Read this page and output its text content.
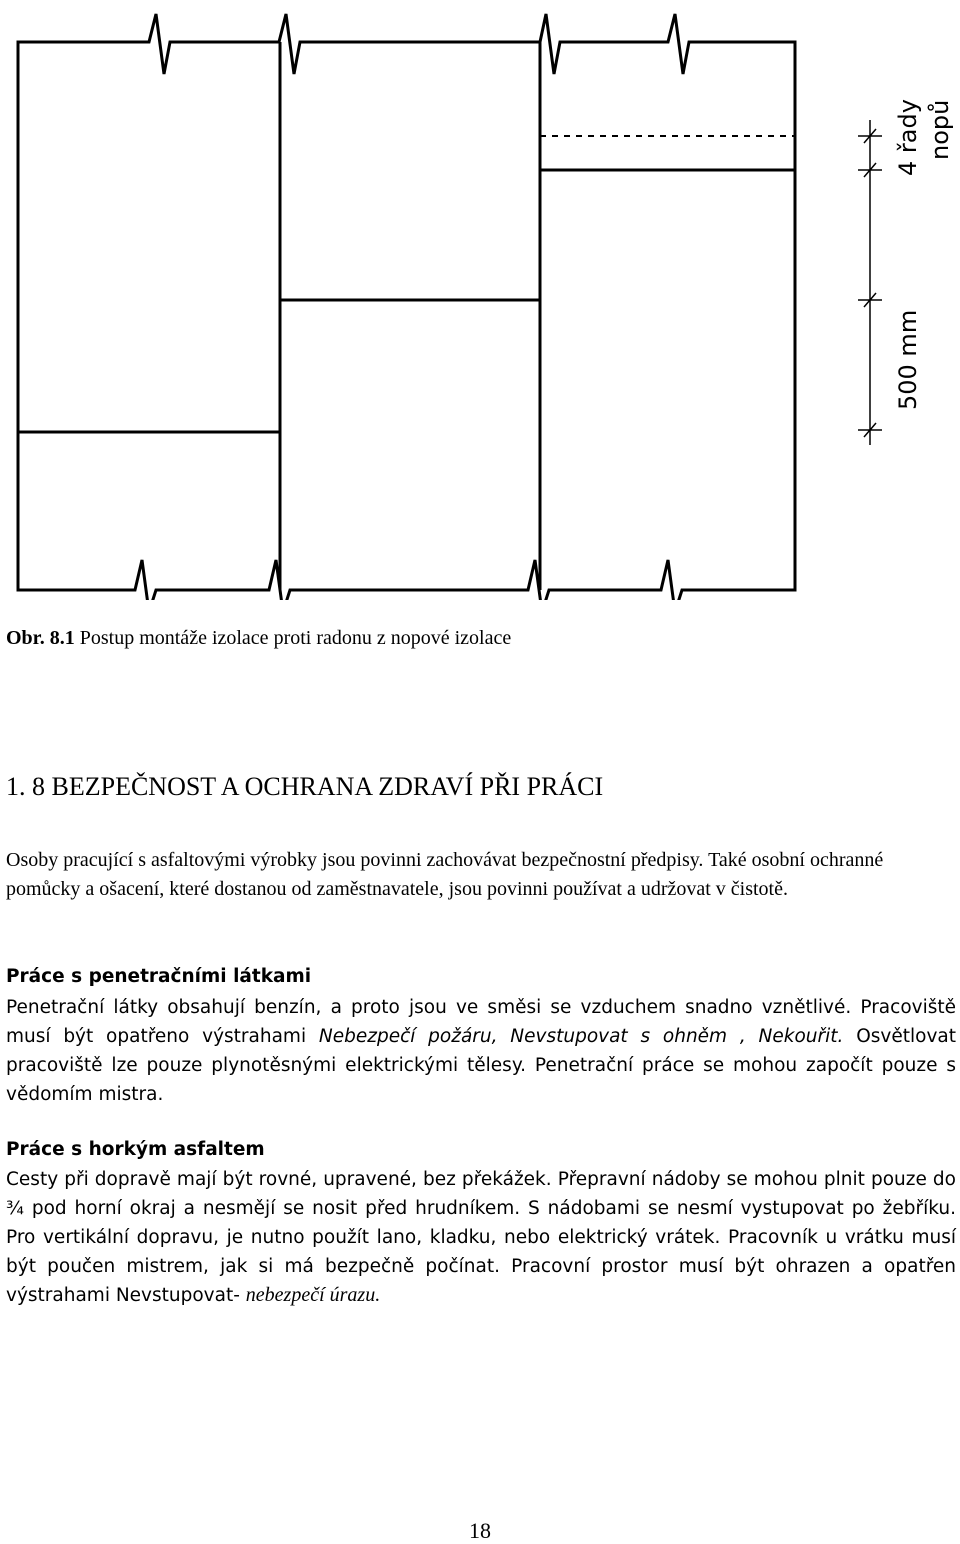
4 řady nopů
500 mm
Obr. 8.1 Postup montáže izolace proti radonu z nopové izolace
1. 8 BEZPEČNOST A OCHRANA ZDRAVÍ PŘI PRÁCI

Osoby pracující s asfaltovými výrobky jsou povinni zachovávat bezpečnostní předpisy. Také osobní ochranné pomůcky a ošacení, které dostanou od zaměstnavatele, jsou povinni používat a udržovat v čistotě.

Práce s penetračními látkami

Penetrační látky obsahují benzín, a proto jsou ve směsi se vzduchem snadno vznětlivé. Pracoviště musí být opatřeno výstrahami Nebezpečí požáru, Nevstupovat s ohněm , Nekouřit. Osvětlovat pracoviště lze pouze plynotěsnými elektrickými tělesy. Penetrační práce se mohou započít pouze s vědomím mistra.

Práce s horkým asfaltem

Cesty při dopravě mají být rovné, upravené, bez překážek. Přepravní nádoby se mohou plnit pouze do ¾ pod horní okraj a nesmějí se nosit před hrudníkem. S nádobami se nesmí vystupovat po žebříku. Pro vertikální dopravu, je nutno použít lano, kladku, nebo elektrický vrátek. Pracovník u vrátku musí být poučen mistrem, jak si má bezpečně počínat. Pracovní prostor musí být ohrazen a opatřen výstrahami Nevstupovat- nebezpečí úrazu.

18
